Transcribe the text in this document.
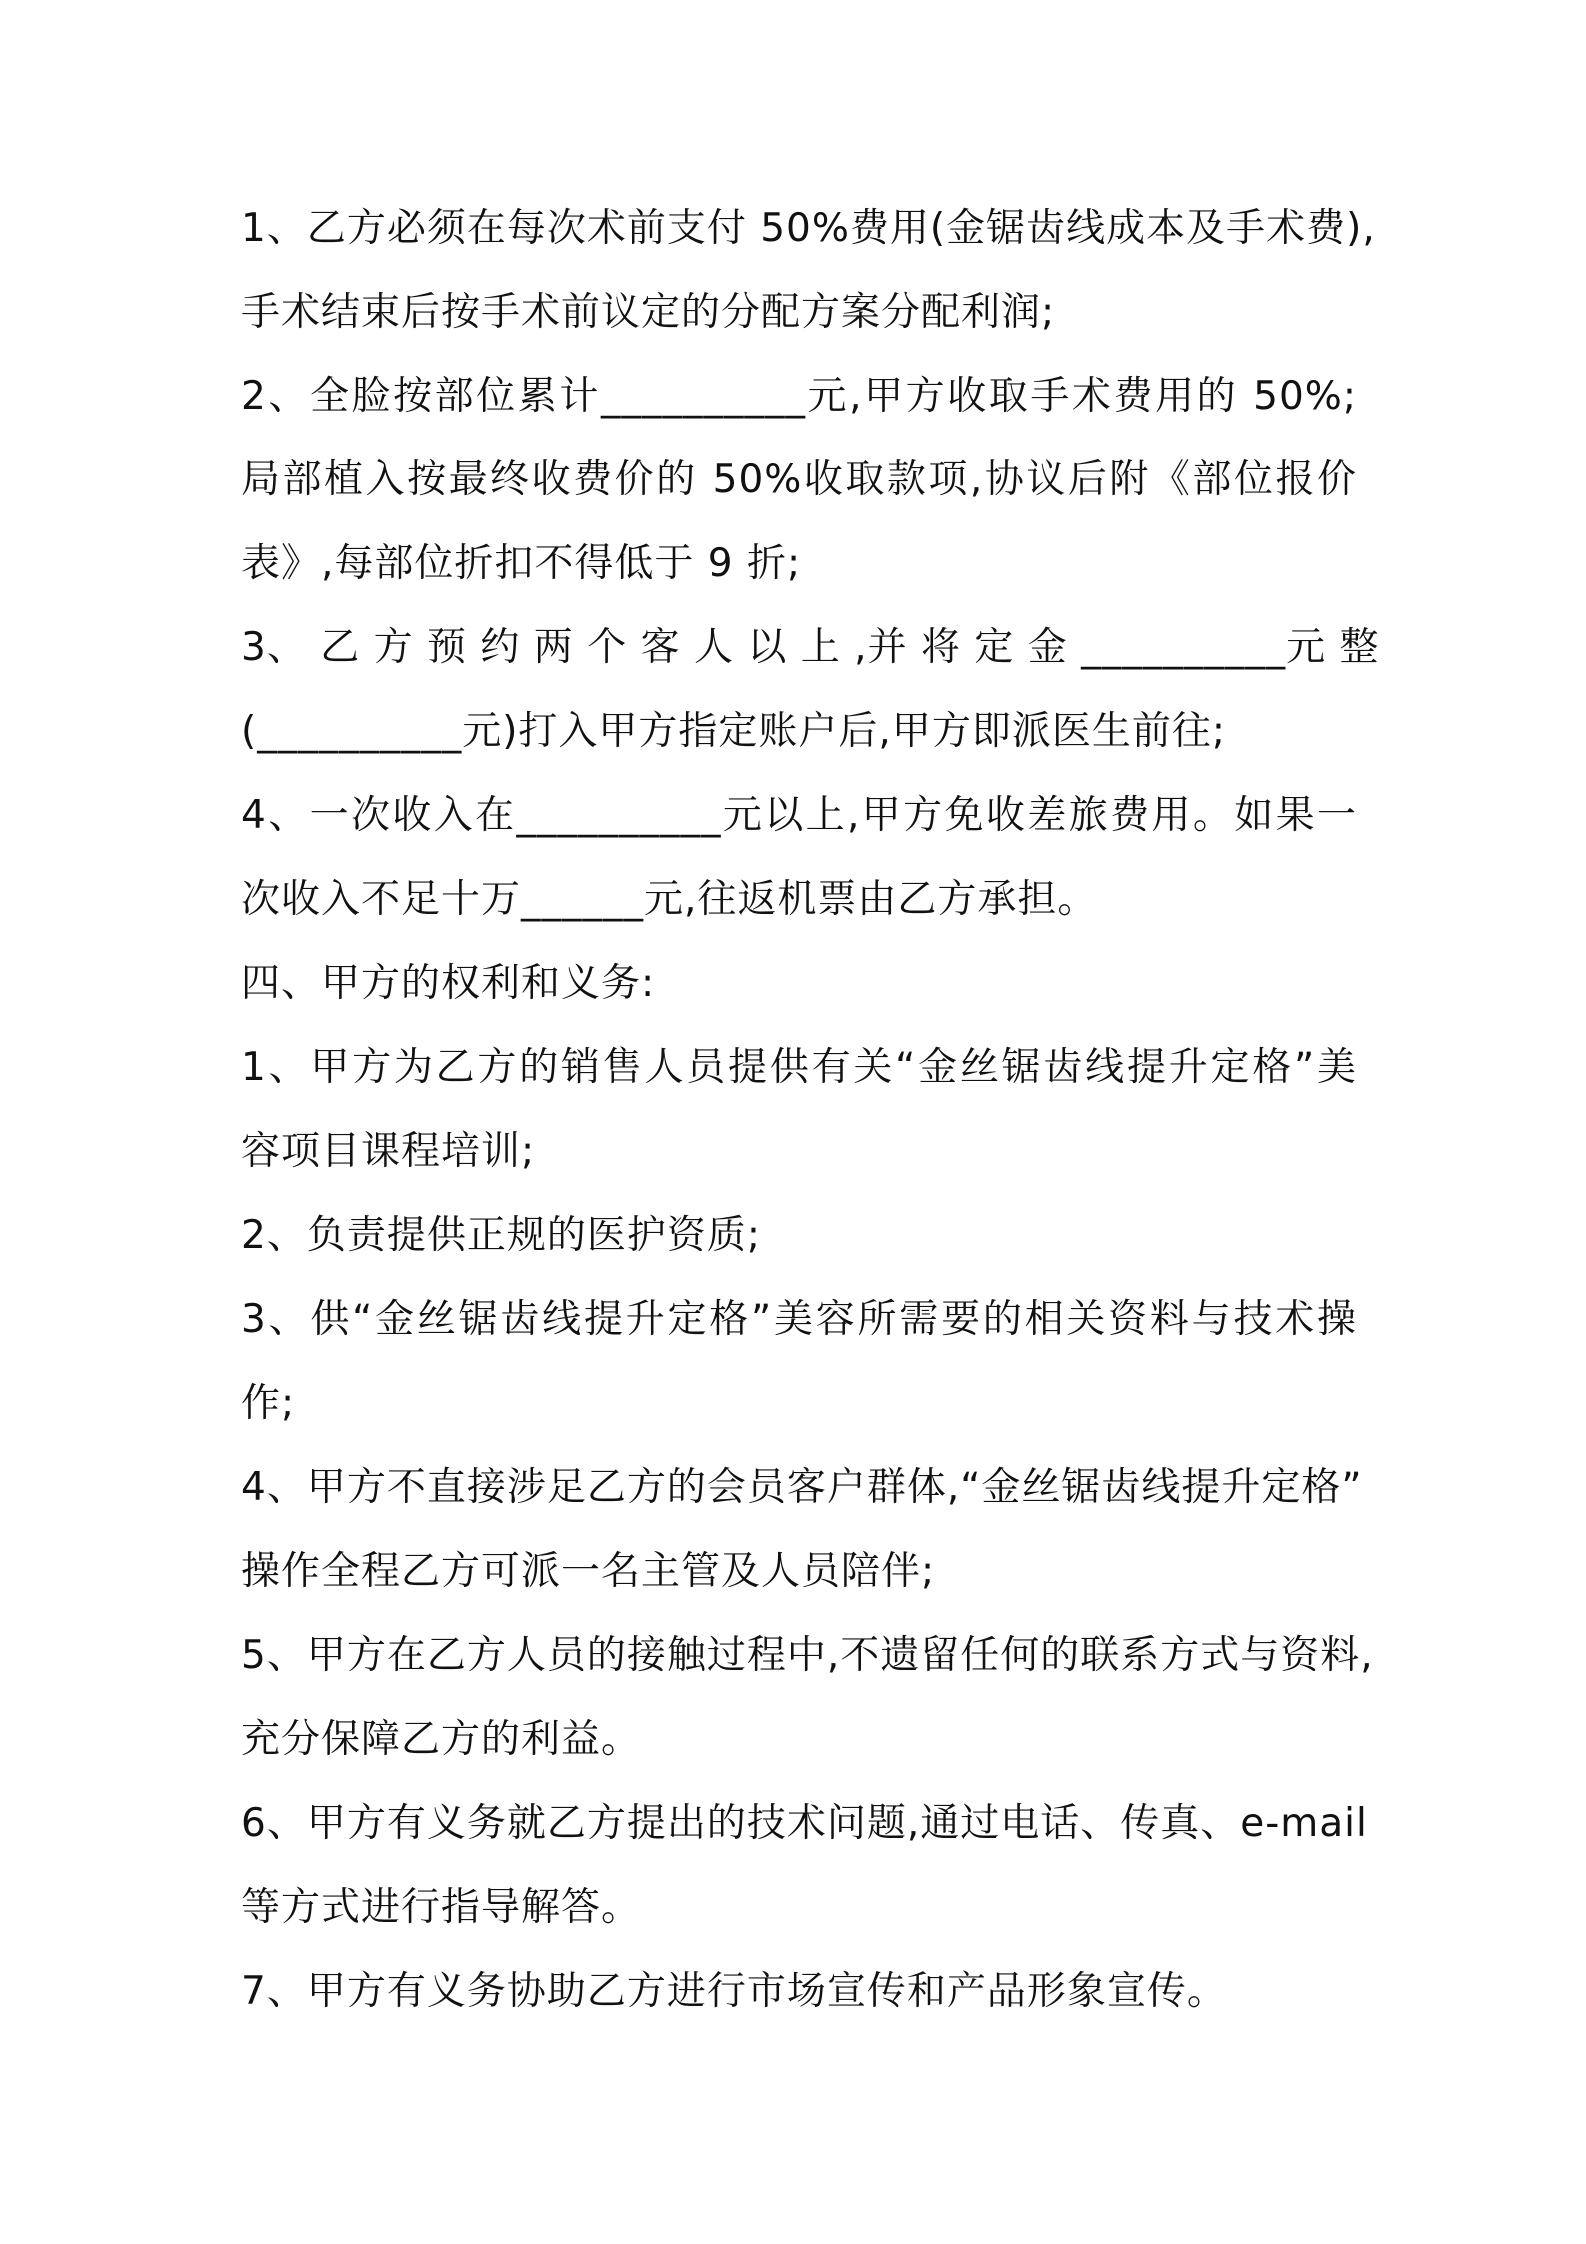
1、乙方必须在每次术前支付 50%费用(金锯齿线成本及手术费),
手术结束后按手术前议定的分配方案分配利润;
2、全脸按部位累计__________元,甲方收取手术费用的 50%;
局部植入按最终收费价的 50%收取款项,协议后附《部位报价
表》,每部位折扣不得低于 9 折;
3、 乙 方 预 约 两 个 客 人 以 上 ,并 将 定 金 __________元 整
(__________元)打入甲方指定账户后,甲方即派医生前往;
4、一次收入在__________元以上,甲方免收差旅费用。如果一
次收入不足十万______元,往返机票由乙方承担。
四、甲方的权利和义务:
1、甲方为乙方的销售人员提供有关“金丝锯齿线提升定格”美
容项目课程培训;
2、负责提供正规的医护资质;
3、供“金丝锯齿线提升定格”美容所需要的相关资料与技术操
作;
4、甲方不直接涉足乙方的会员客户群体,“金丝锯齿线提升定格”
操作全程乙方可派一名主管及人员陪伴;
5、甲方在乙方人员的接触过程中,不遗留任何的联系方式与资料,
充分保障乙方的利益。
6、甲方有义务就乙方提出的技术问题,通过电话、传真、e-mail
等方式进行指导解答。
7、甲方有义务协助乙方进行市场宣传和产品形象宣传。
